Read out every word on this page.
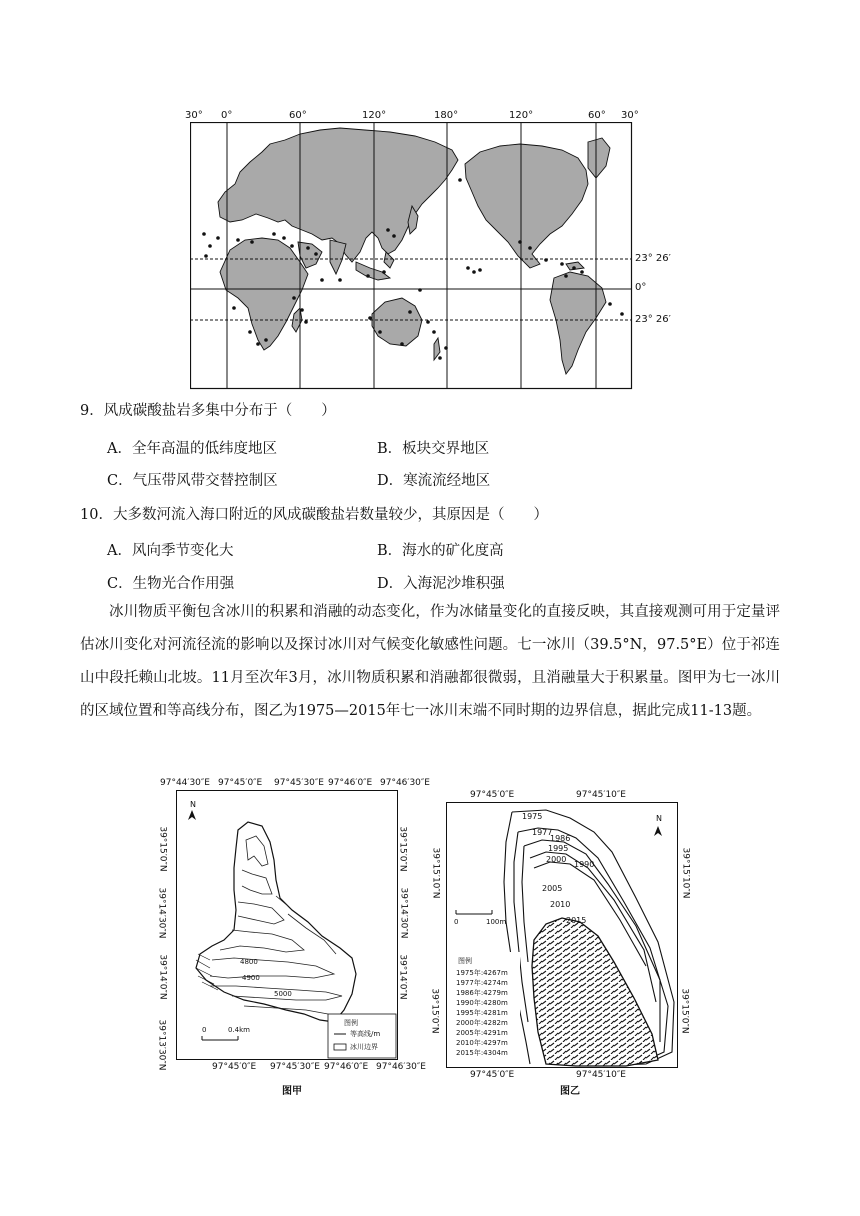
30° 0°	60°	120°	180°	120°	60° 30°
23° 26′
0°
23° 26′
9．风成碳酸盐岩多集中分布于（　　）
A．全年高温的低纬度地区	B．板块交界地区
C．气压带风带交替控制区	D．寒流流经地区
10．大多数河流入海口附近的风成碳酸盐岩数量较少，其原因是（　　）
A．风向季节变化大	B．海水的矿化度高
C．生物光合作用强	D．入海泥沙堆积强
冰川物质平衡包含冰川的积累和消融的动态变化，作为冰储量变化的直接反映，其直接观测可用于定量评估冰川变化对河流径流的影响以及探讨冰川对气候变化敏感性问题。七一冰川（39.5°N，97.5°E）位于祁连山中段托赖山北坡。11月至次年3月，冰川物质积累和消融都很微弱，且消融量大于积累量。图甲为七一冰川的区域位置和等高线分布，图乙为1975—2015年七一冰川末端不同时期的边界信息，据此完成11-13题。
97°44′30″E 97°45′0″E 97°45′30″E 97°46′0″E 97°46′30″E
39°15′0″N
39°14′30″N
39°14′0″N
39°13′30″N
N
4800
4900
5000
0	0.4km
图例
等高线/m
冰川边界
39°15′0″N
39°14′30″N
39°14′0″N
97°45′0″E 97°45′30″E 97°46′0″E 97°46′30″E
图甲
97°45′0″E	97°45′10″E
39°15′10″N
39°15′0″N
N
1975
1977
1986
1995
2000
1990
2005
2010
2015
0	100m
图例
1975年:4267m
1977年:4274m
1986年:4279m
1990年:4280m
1995年:4281m
2000年:4282m
2005年:4291m
2010年:4297m
2015年:4304m
39°15′10″N
39°15′0″N
97°45′0″E	97°45′10″E
图乙
